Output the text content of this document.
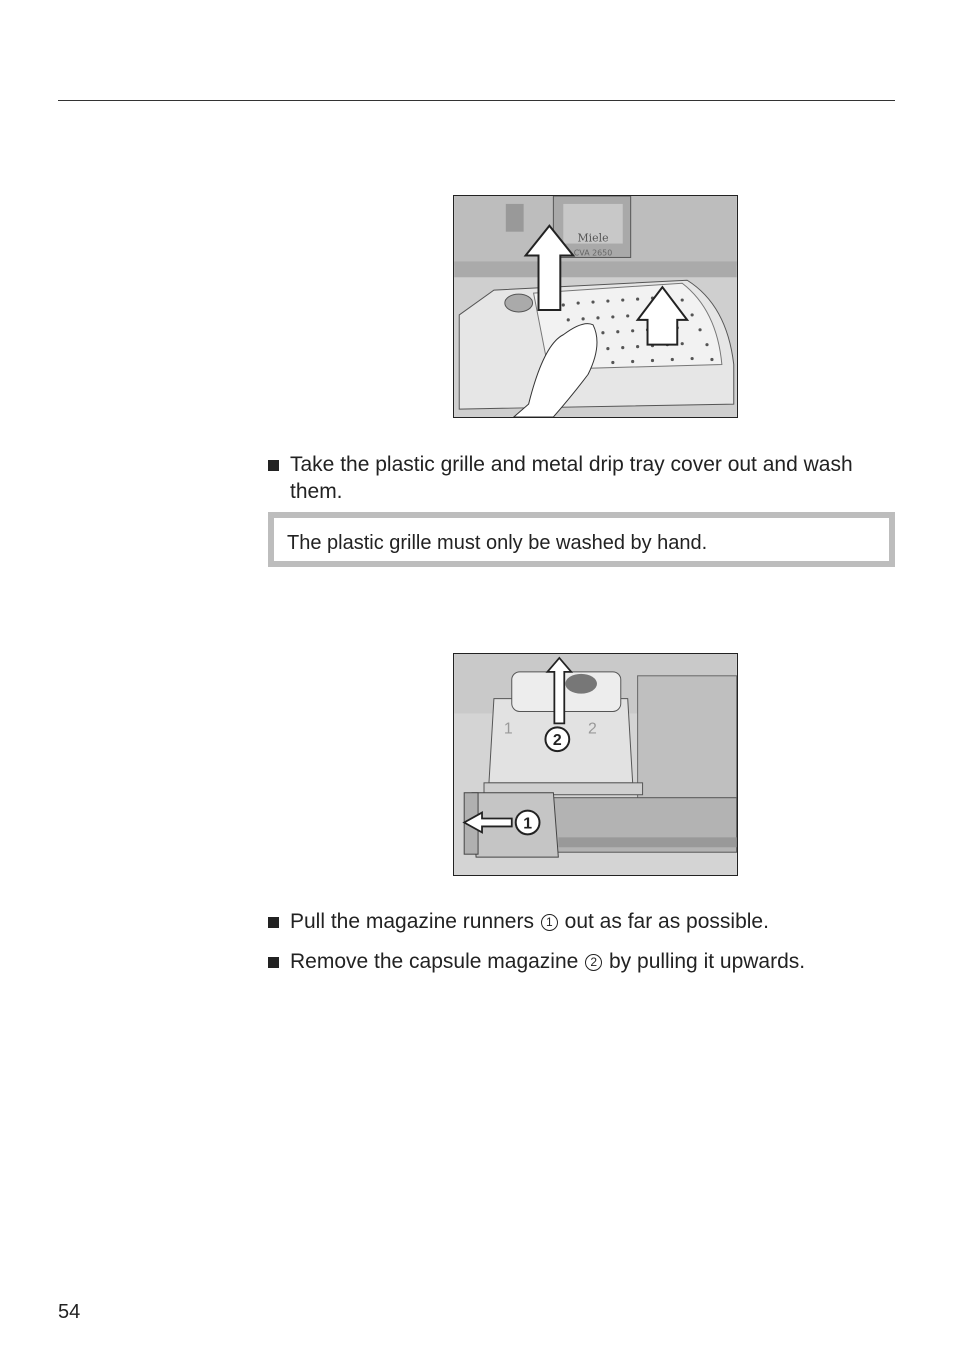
Miele
CVA 2650
Take the plastic grille and metal drip tray cover out and wash them.
The plastic grille must only be washed by hand.
1	2
2
1
Pull the magazine runners 1 out as far as possible.
Remove the capsule magazine 2 by pulling it upwards.
54
